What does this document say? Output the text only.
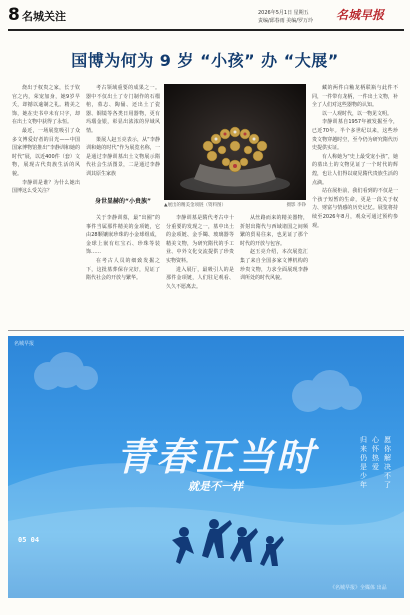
8 名城关注	2026年5月1日 星期五
责编/邱春雨 美编/罗万玲 名城早报
国博为何为 9 岁 “小孩” 办 “大展”

烧出于权贵之家，长于钦官之内，荣宠加身，她9岁早夭，却撼以逾制之礼。精美之饰，她在史书中未有只字，却在出土文物中获得了永恒。

最近，一场展览吸引了众多文博爱好者的目光——中国国家博物馆推出“李静训和她的时代”展，以近400件（套）文物，展现古代贵族生活的风貌。

李静训是谁？为什么她出国博这么受关注？

考古领域重要的成果之一。器中不仅出土了专门制作的石榴棺，墓志、陶俑、还出土了瓷器、铜镜等各类日用器物，更有玛瑙金银，彰显出浓浓的异域风情。

策展人赵玉亮表示，从“李静训和她的时代”作为展览名称，一是通过李静训墓出土文物展示隋代社会生活图景，二是通过李静训其原生家族

身世显赫的“小贵族”

关于李静训墓，最“出圈”的事件当属那件精美的金项链，它由28颗镶嵌珍珠的小金球组成，金球上嵌有红宝石、珍珠等装饰……

在考古人员的细致发掘之下，这批墓葬保存完好，见证了隋代社会的开放与繁华。

▲展出的精美金项链（资料图）	摄影 李铮

李静训墓是隋代考古中十分重要的发现之一，墓中出土的金项链、金手镯、玻璃器等精美文物，为研究隋代的手工业、中外文化交流提供了珍贵实物资料。

进入展厅，最吸引人的是那件金项链，人们驻足观看、久久不愿离去。

从丝路而来的精美器物，折射出隋代与西域诸国之间频繁的贸易往来，也见证了那个时代的开放与包容。

赵玉亮介绍，本次展览汇集了来自全国多家文博机构的珍贵文物，力求全面展现李静训所处的时代风貌。

藏的两件白釉龙柄联瓶与此件不同，一件带有龙柄，一件出土文物，补全了人们对这些器物的认知。

以一人观时代，以一物见文明。

李静训墓自1957年被发掘至今，已近70年。半个多世纪以来，这些珍贵文物穿越时空，至今仍为研究隋代历史提供实证。

有人称她为“史上最受宠小孩”，她的墓出土的文物见证了一个时代的辉煌，也让人们得以窥见隋代贵族生活的点滴。

站在展柜前，我们看到的不仅是一个孩子短暂的生命，更是一段关于权力、财富与情感的历史记忆。展览将持续至2026年8月，观众可通过预约参观。

名城早报
青春正当时
就是不一样
愿你解决不了
心怀热爱
归来仍是少年
05 04
《名城早报》全媒体 出品
